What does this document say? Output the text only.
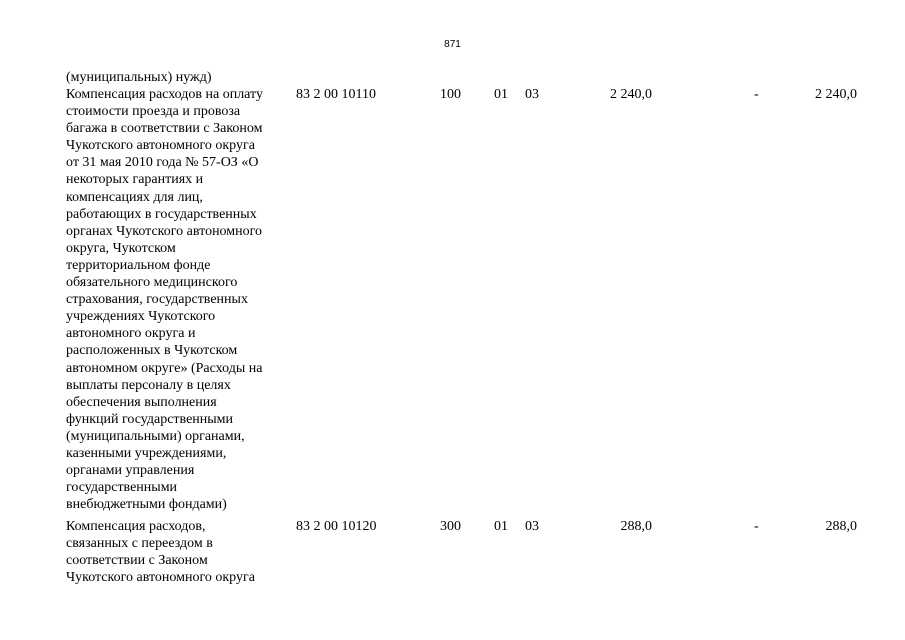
871
(муниципальных) нужд)

Компенсация расходов на оплату
стоимости проезда и провоза
багажа в соответствии с Законом
Чукотского автономного округа
от 31 мая 2010 года № 57-ОЗ «О
некоторых гарантиях и
компенсациях для лиц,
работающих в государственных
органах Чукотского автономного
округа, Чукотском
территориальном фонде
обязательного медицинского
страхования, государственных
учреждениях Чукотского
автономного округа и
расположенных в Чукотском
автономном округе» (Расходы на
выплаты персоналу в целях
обеспечения выполнения
функций государственными
(муниципальными) органами,
казенными учреждениями,
органами управления
государственными
внебюджетными фондами)

83 2 00 10110	100 01 03	2 240,0	-	2 240,0

Компенсация расходов,
связанных с переездом в
соответствии с Законом
Чукотского автономного округа

83 2 00 10120	300 01 03	288,0	-	288,0
